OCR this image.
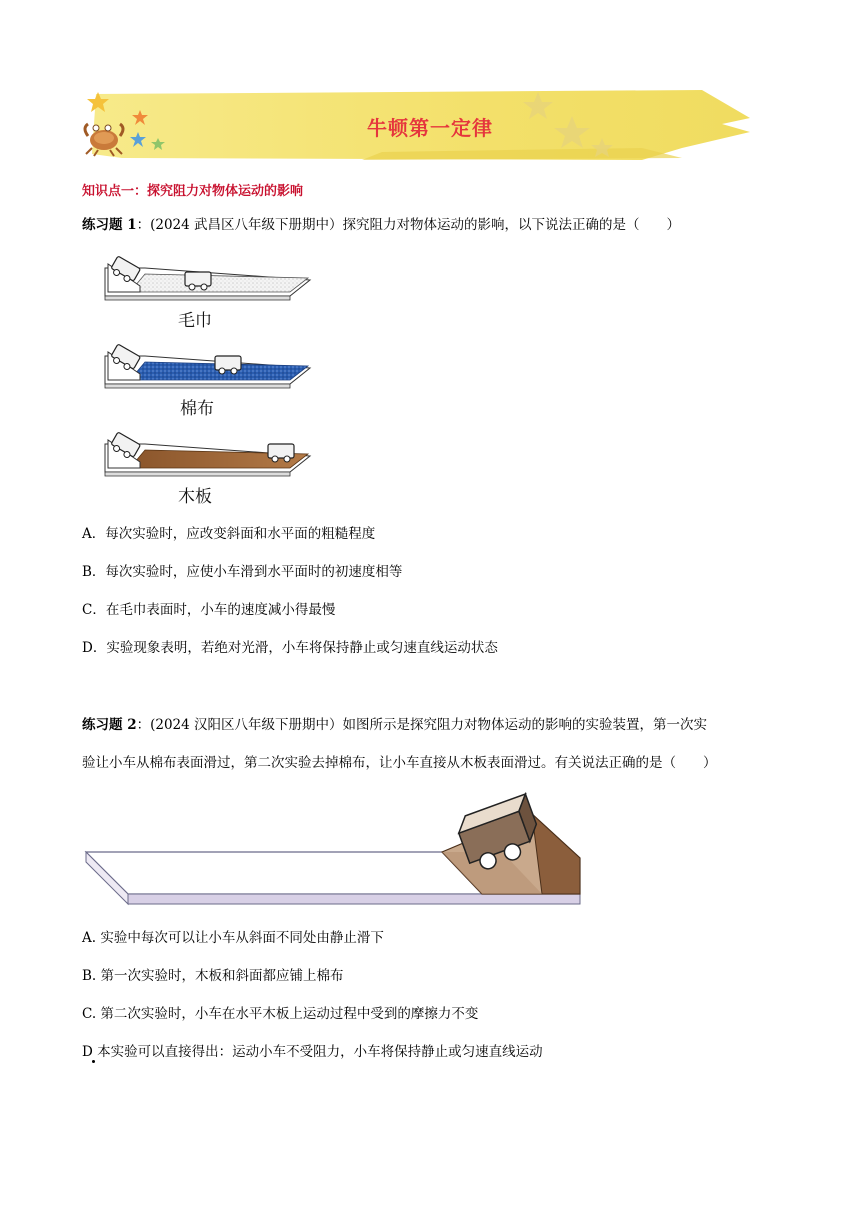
牛顿第一定律
知识点一：探究阻力对物体运动的影响
练习题 1：(2024 武昌区八年级下册期中）探究阻力对物体运动的影响，以下说法正确的是（　　）
毛巾
棉布
木板
A．每次实验时，应改变斜面和水平面的粗糙程度
B．每次实验时，应使小车滑到水平面时的初速度相等
C．在毛巾表面时，小车的速度减小得最慢
D．实验现象表明，若绝对光滑，小车将保持静止或匀速直线运动状态
练习题 2：(2024 汉阳区八年级下册期中）如图所示是探究阻力对物体运动的影响的实验装置，第一次实
验让小车从棉布表面滑过，第二次实验去掉棉布，让小车直接从木板表面滑过。有关说法正确的是（　　）
A. 实验中每次可以让小车从斜面不同处由静止滑下
B. 第一次实验时，木板和斜面都应铺上棉布
C. 第二次实验时，小车在水平木板上运动过程中受到的摩擦力不变
D 本实验可以直接得出：运动小车不受阻力，小车将保持静止或匀速直线运动
